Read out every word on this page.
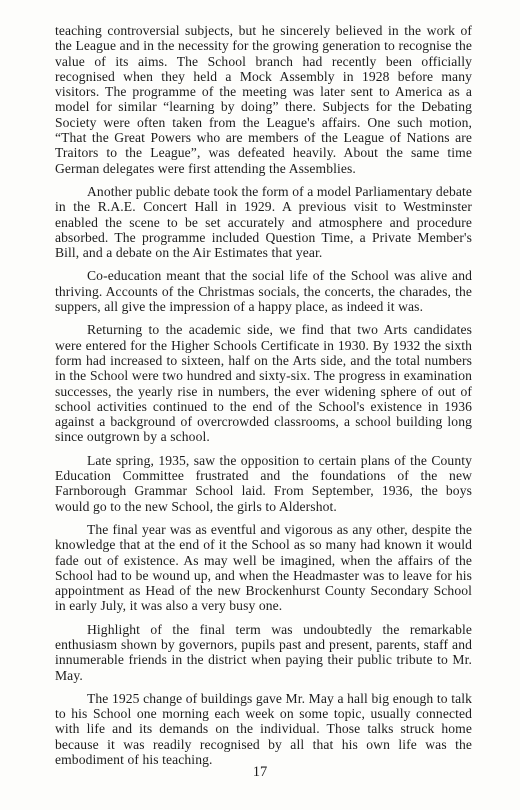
teaching controversial subjects, but he sincerely believed in the work of the League and in the necessity for the growing generation to recognise the value of its aims. The School branch had recently been officially recognised when they held a Mock Assembly in 1928 before many visitors. The programme of the meeting was later sent to America as a model for similar “learning by doing” there. Subjects for the Debating Society were often taken from the League's affairs. One such motion, “That the Great Powers who are members of the League of Nations are Traitors to the League”, was defeated heavily. About the same time German delegates were first attending the Assemblies.

Another public debate took the form of a model Parliamentary debate in the R.A.E. Concert Hall in 1929. A previous visit to Westminster enabled the scene to be set accurately and atmosphere and procedure absorbed. The programme included Question Time, a Private Member's Bill, and a debate on the Air Estimates that year.

Co-education meant that the social life of the School was alive and thriving. Accounts of the Christmas socials, the concerts, the charades, the suppers, all give the impression of a happy place, as indeed it was.

Returning to the academic side, we find that two Arts candidates were entered for the Higher Schools Certificate in 1930. By 1932 the sixth form had increased to sixteen, half on the Arts side, and the total numbers in the School were two hundred and sixty-six. The progress in examination successes, the yearly rise in numbers, the ever widening sphere of out of school activities continued to the end of the School's existence in 1936 against a background of overcrowded classrooms, a school building long since outgrown by a school.

Late spring, 1935, saw the opposition to certain plans of the County Education Committee frustrated and the foundations of the new Farnborough Grammar School laid. From September, 1936, the boys would go to the new School, the girls to Aldershot.

The final year was as eventful and vigorous as any other, despite the knowledge that at the end of it the School as so many had known it would fade out of existence. As may well be imagined, when the affairs of the School had to be wound up, and when the Headmaster was to leave for his appointment as Head of the new Brockenhurst County Secondary School in early July, it was also a very busy one.

Highlight of the final term was undoubtedly the remarkable enthusiasm shown by governors, pupils past and present, parents, staff and innumerable friends in the district when paying their public tribute to Mr. May.

The 1925 change of buildings gave Mr. May a hall big enough to talk to his School one morning each week on some topic, usually connected with life and its demands on the individual. Those talks struck home because it was readily recognised by all that his own life was the embodiment of his teaching.

17
